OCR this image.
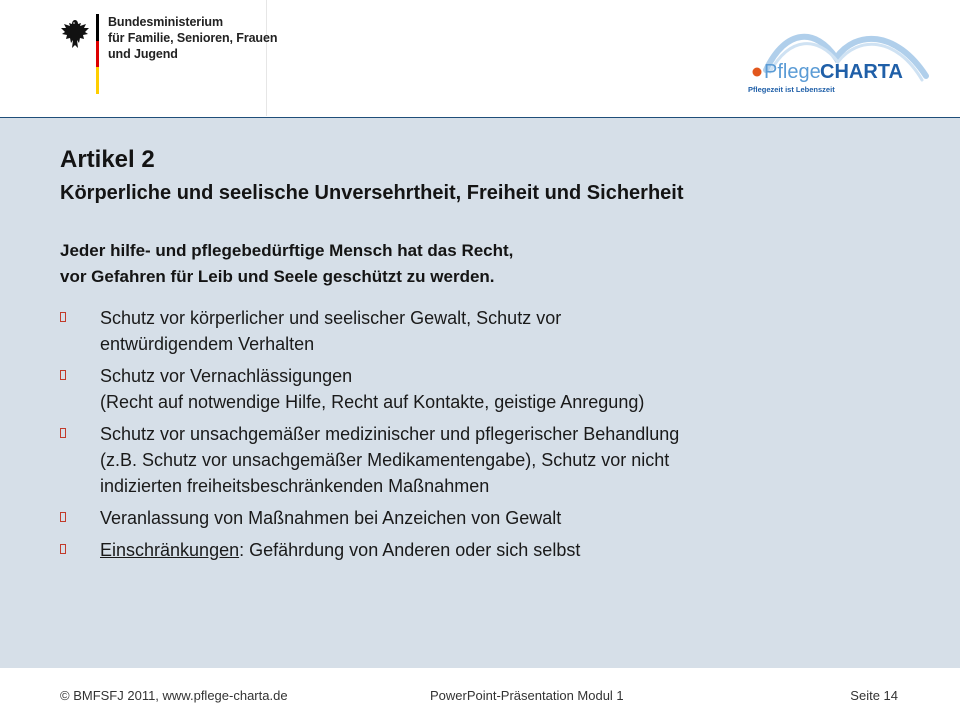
Bundesministerium
für Familie, Senioren, Frauen
und Jugend
Pflege CHARTA
Pflegezeit ist Lebenszeit
Artikel 2
Körperliche und seelische Unversehrtheit, Freiheit und Sicherheit
Jeder hilfe- und pflegebedürftige Mensch hat das Recht,
vor Gefahren für Leib und Seele geschützt zu werden.
Schutz vor körperlicher und seelischer Gewalt, Schutz vor
entwürdigendem Verhalten
Schutz vor Vernachlässigungen
(Recht auf notwendige Hilfe, Recht auf Kontakte, geistige Anregung)
Schutz vor unsachgemäßer medizinischer und pflegerischer Behandlung
(z.B. Schutz vor unsachgemäßer Medikamentengabe), Schutz vor nicht
indizierten freiheitsbeschränkenden Maßnahmen
Veranlassung von Maßnahmen bei Anzeichen von Gewalt
Einschränkungen: Gefährdung von Anderen oder sich selbst
© BMFSFJ 2011, www.pflege-charta.de	PowerPoint-Präsentation Modul 1	Seite 14
